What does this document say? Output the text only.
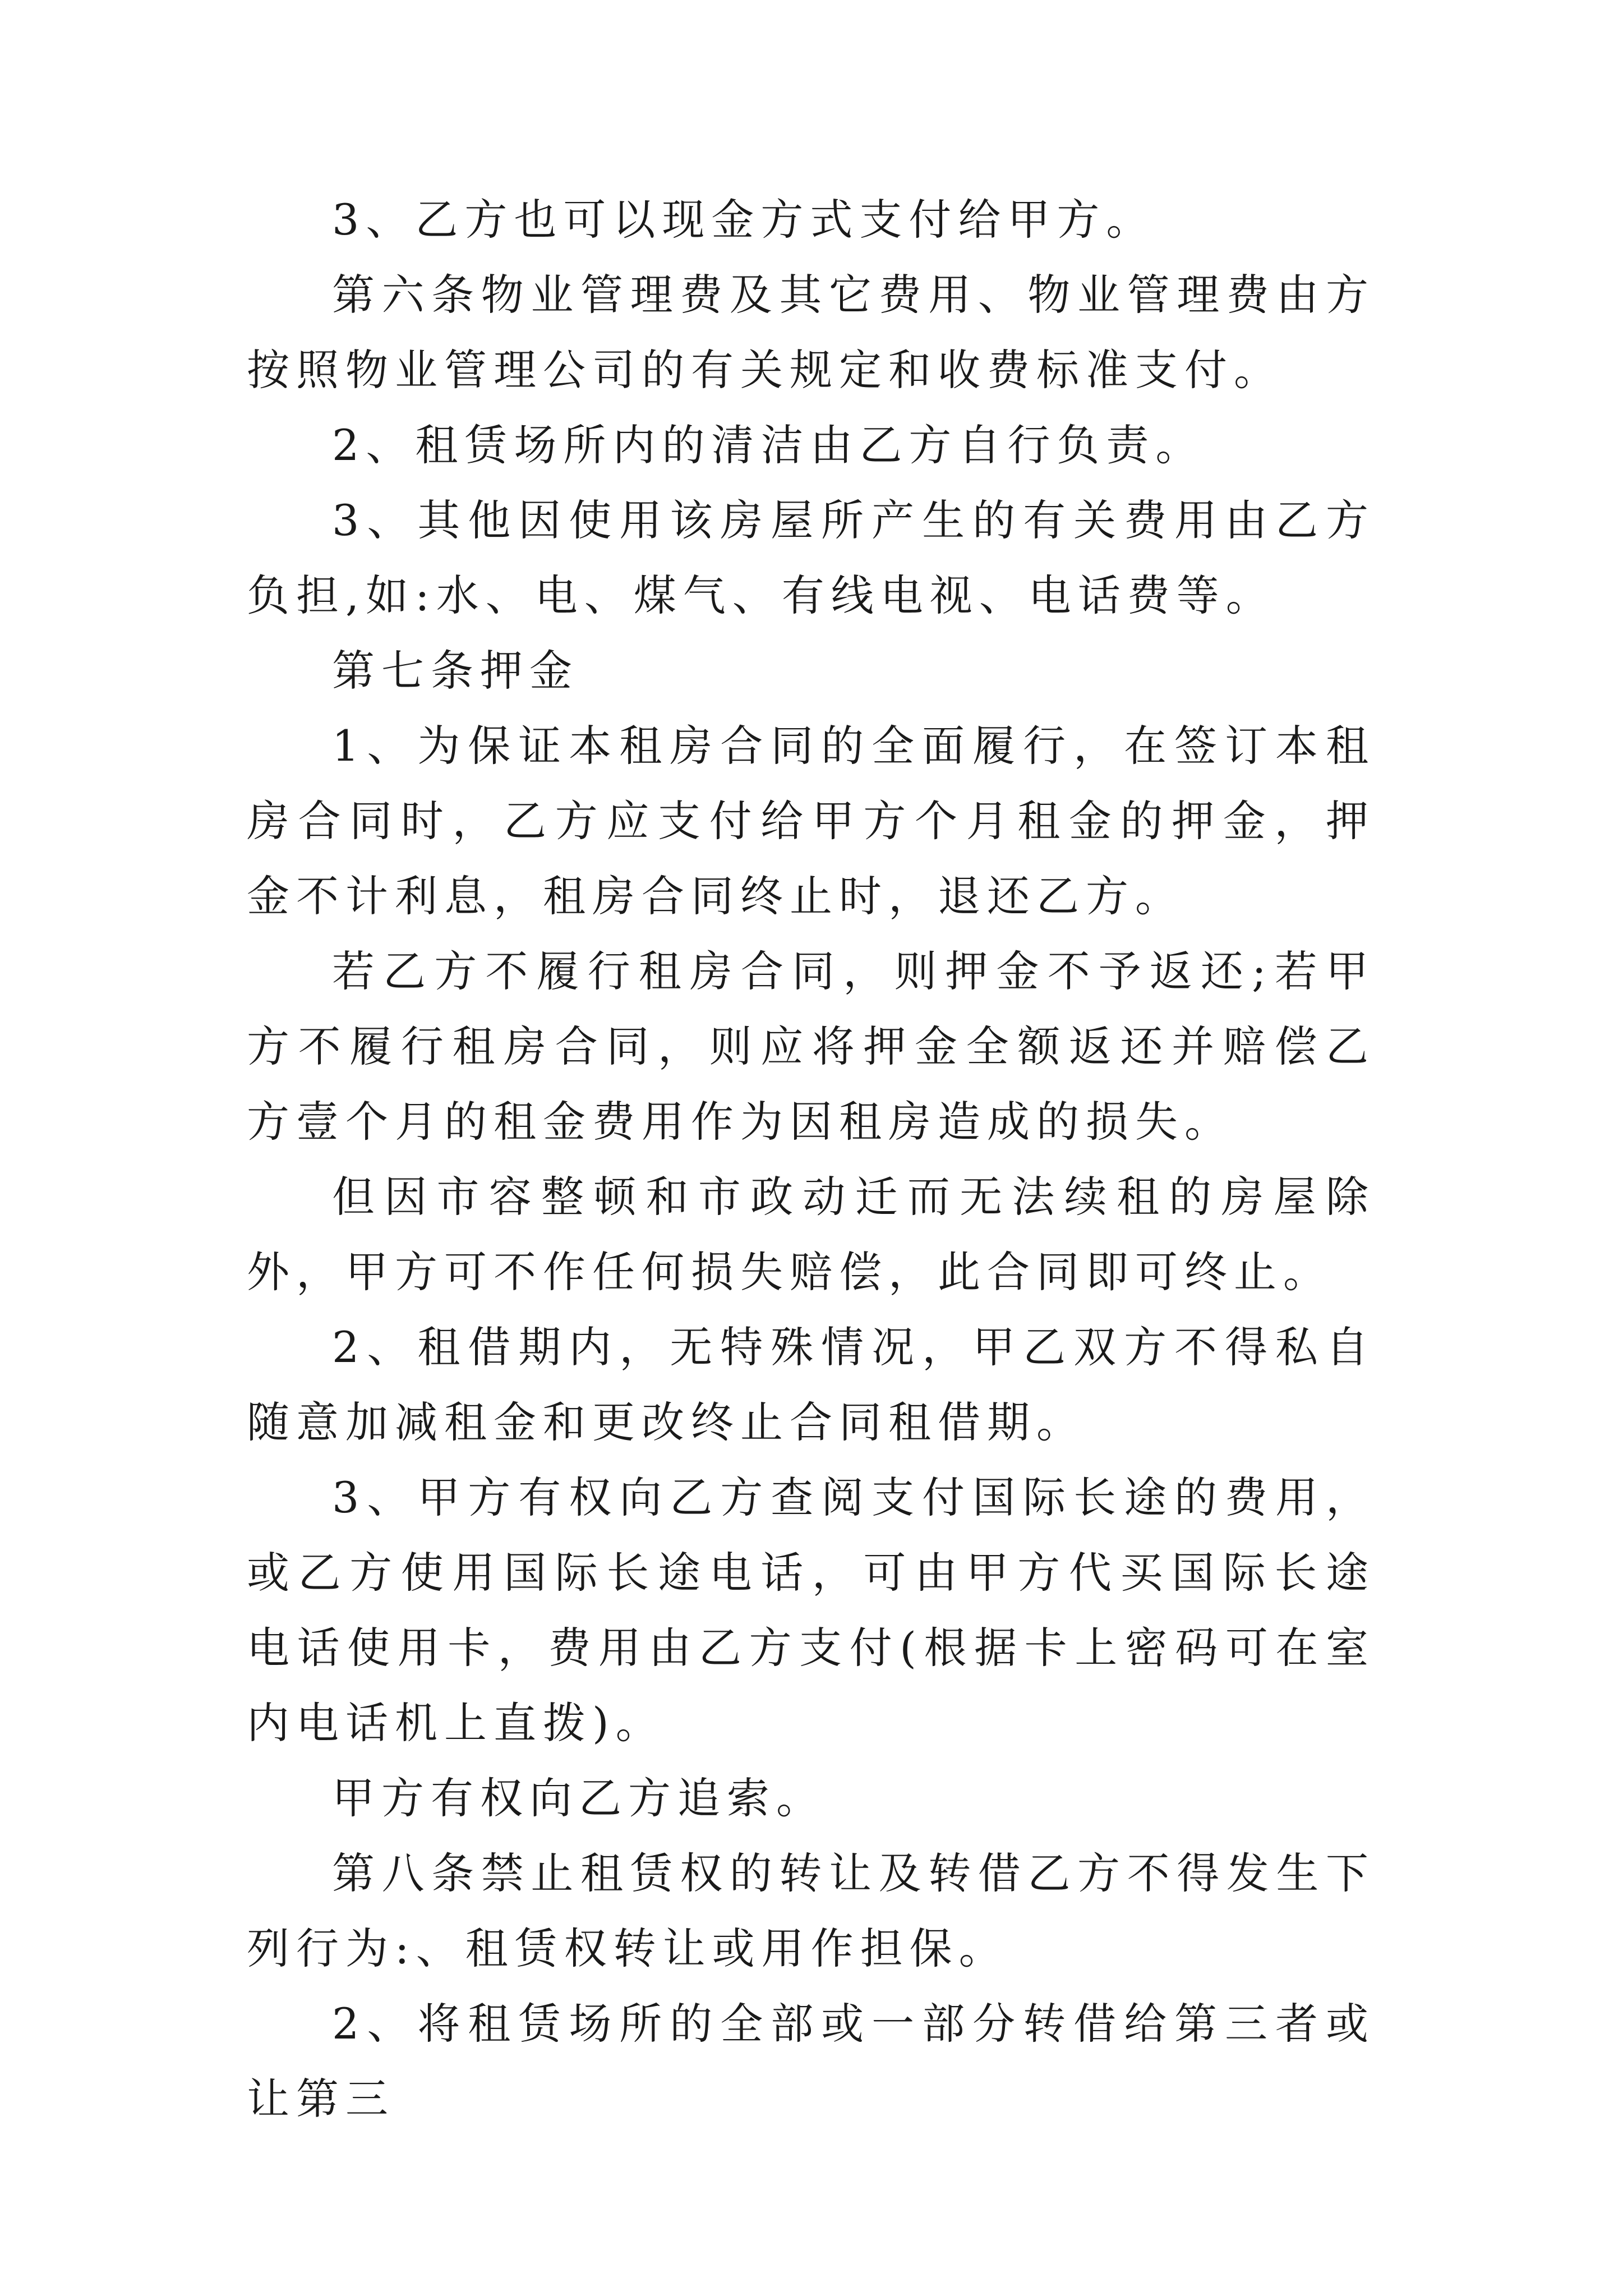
3、乙方也可以现金方式支付给甲方。

第六条物业管理费及其它费用、物业管理费由方按照物业管理公司的有关规定和收费标准支付。

2、租赁场所内的清洁由乙方自行负责。

3、其他因使用该房屋所产生的有关费用由乙方负担,如:水、电、煤气、有线电视、电话费等。

第七条押金

1、为保证本租房合同的全面履行，在签订本租房合同时，乙方应支付给甲方个月租金的押金，押金不计利息，租房合同终止时，退还乙方。

若乙方不履行租房合同，则押金不予返还;若甲方不履行租房合同，则应将押金全额返还并赔偿乙方壹个月的租金费用作为因租房造成的损失。

但因市容整顿和市政动迁而无法续租的房屋除外，甲方可不作任何损失赔偿，此合同即可终止。

2、租借期内，无特殊情况，甲乙双方不得私自随意加减租金和更改终止合同租借期。

3、甲方有权向乙方查阅支付国际长途的费用，或乙方使用国际长途电话，可由甲方代买国际长途电话使用卡，费用由乙方支付(根据卡上密码可在室内电话机上直拨)。

甲方有权向乙方追索。

第八条禁止租赁权的转让及转借乙方不得发生下列行为:、租赁权转让或用作担保。

2、将租赁场所的全部或一部分转借给第三者或让第三
